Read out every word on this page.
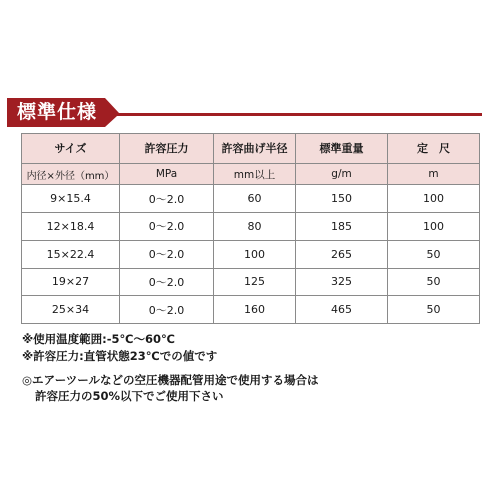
標準仕様
サイズ	許容圧力	許容曲げ半径	標準重量	定　尺
内径×外径（mm）	MPa	mm以上	g/m	m
9×15.4	0～2.0	60	150	100
12×18.4	0～2.0	80	185	100
15×22.4	0～2.0	100	265	50
19×27	0～2.0	125	325	50
25×34	0～2.0	160	465	50
※使用温度範囲:-5℃～60℃
※許容圧力:直管状態23℃での値です
◎エアーツールなどの空圧機器配管用途で使用する場合は
許容圧力の50%以下でご使用下さい
